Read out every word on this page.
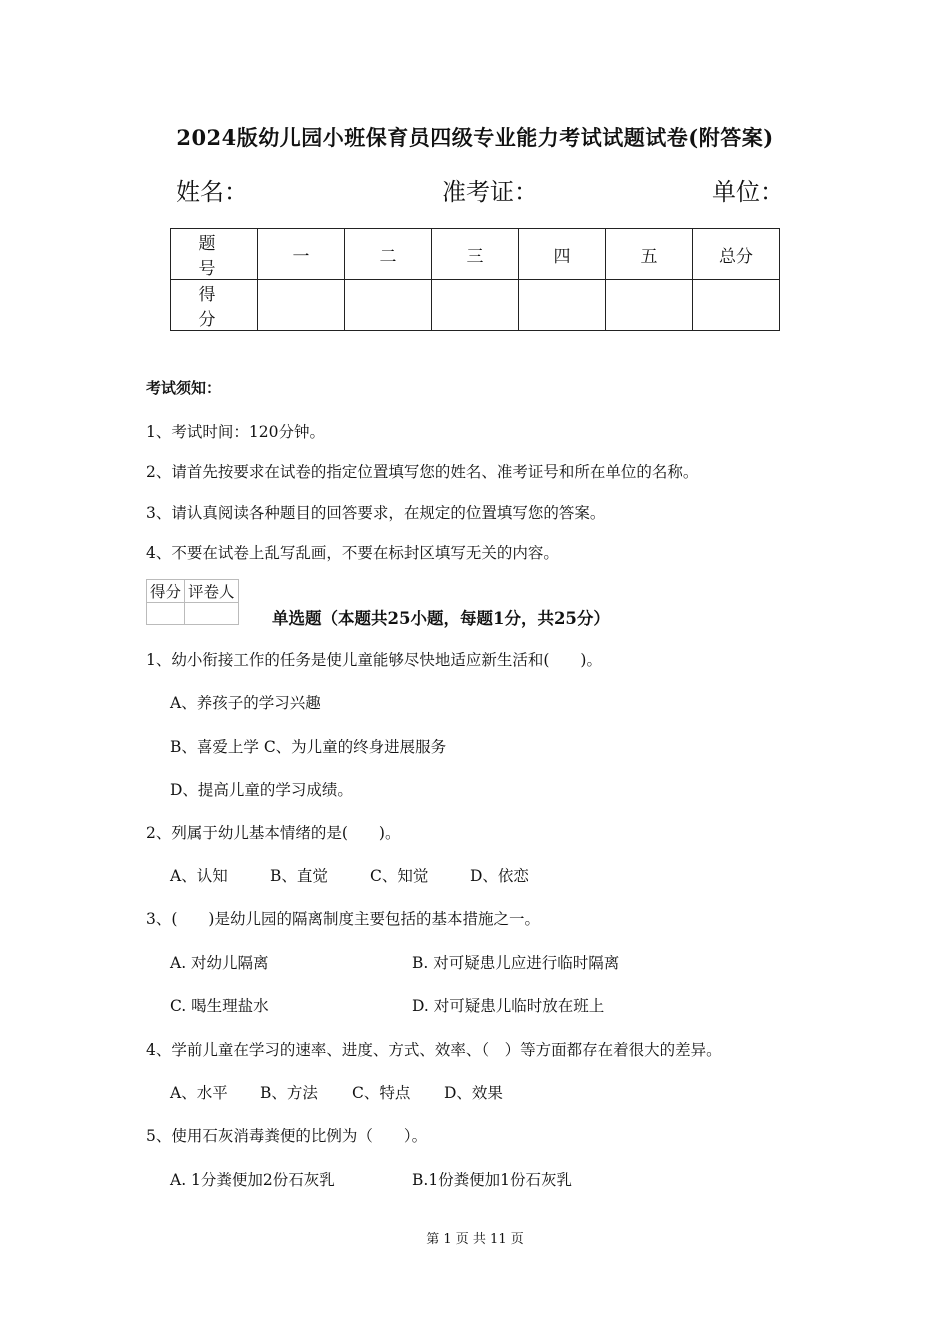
2024版幼儿园小班保育员四级专业能力考试试题试卷(附答案)
姓名：	准考证：	单位：
题　号	一	二	三	四	五	总分
得　分						
考试须知：
1、考试时间：120分钟。
2、请首先按要求在试卷的指定位置填写您的姓名、准考证号和所在单位的名称。
3、请认真阅读各种题目的回答要求，在规定的位置填写您的答案。
4、不要在试卷上乱写乱画，不要在标封区填写无关的内容。
得分	评卷人

单选题（本题共25小题，每题1分，共25分）
1、幼小衔接工作的任务是使儿童能够尽快地适应新生活和(　　)。
A、养孩子的学习兴趣
B、喜爱上学 C、为儿童的终身进展服务
D、提高儿童的学习成绩。
2、列属于幼儿基本情绪的是(　　)。
A、认知	B、直觉	C、知觉	D、依恋
3、(　　)是幼儿园的隔离制度主要包括的基本措施之一。
A. 对幼儿隔离	B. 对可疑患儿应进行临时隔离
C. 喝生理盐水	D. 对可疑患儿临时放在班上
4、学前儿童在学习的速率、进度、方式、效率、（　）等方面都存在着很大的差异。
A、水平 B、方法 C、特点 D、效果
5、使用石灰消毒粪便的比例为（　　）。
A. 1分粪便加2份石灰乳	B.1份粪便加1份石灰乳
第 1 页 共 11 页
